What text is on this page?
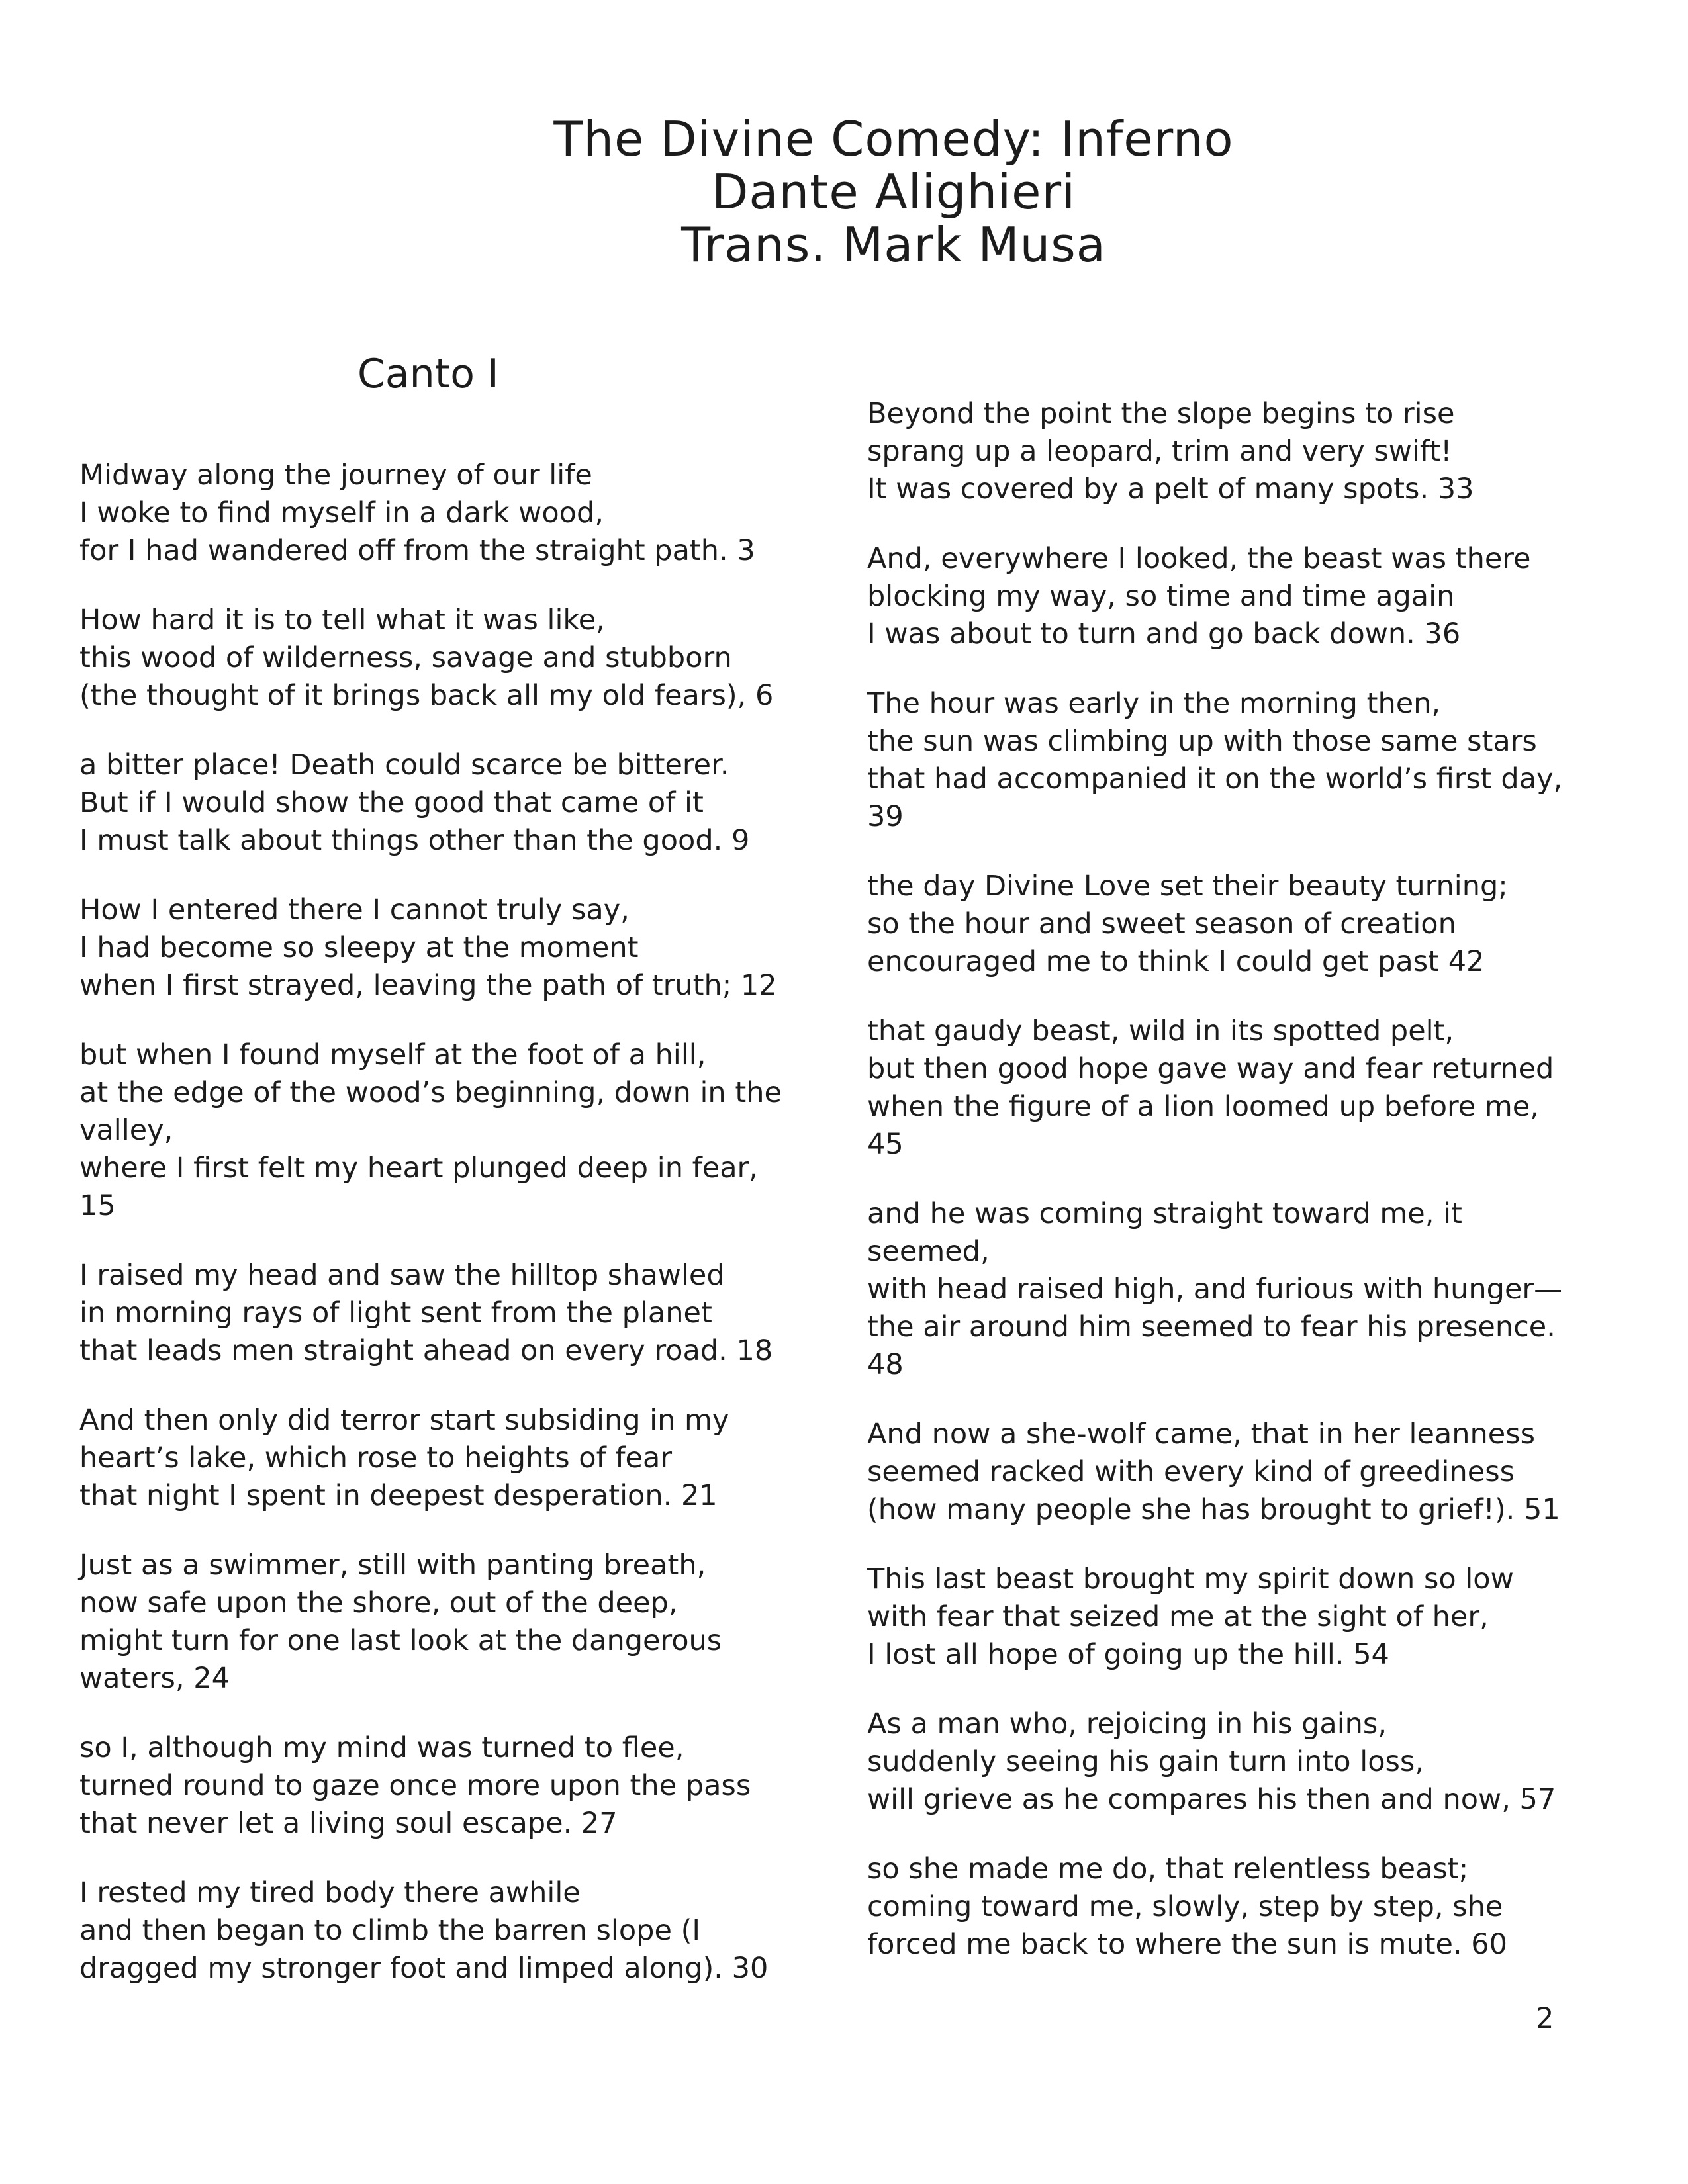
The Divine Comedy: Inferno
Dante Alighieri
Trans. Mark Musa
Canto I
Midway along the journey of our life
I woke to find myself in a dark wood,
for I had wandered off from the straight path. 3
How hard it is to tell what it was like,
this wood of wilderness, savage and stubborn
(the thought of it brings back all my old fears), 6
a bitter place! Death could scarce be bitterer.
But if I would show the good that came of it
I must talk about things other than the good. 9
How I entered there I cannot truly say,
I had become so sleepy at the moment
when I first strayed, leaving the path of truth; 12
but when I found myself at the foot of a hill,
at the edge of the wood’s beginning, down in the
valley,
where I first felt my heart plunged deep in fear,
15
I raised my head and saw the hilltop shawled
in morning rays of light sent from the planet
that leads men straight ahead on every road. 18
And then only did terror start subsiding in my
heart’s lake, which rose to heights of fear
that night I spent in deepest desperation. 21
Just as a swimmer, still with panting breath,
now safe upon the shore, out of the deep,
might turn for one last look at the dangerous
waters, 24
so I, although my mind was turned to flee,
turned round to gaze once more upon the pass
that never let a living soul escape. 27
I rested my tired body there awhile
and then began to climb the barren slope (I
dragged my stronger foot and limped along). 30
Beyond the point the slope begins to rise
sprang up a leopard, trim and very swift!
It was covered by a pelt of many spots. 33
And, everywhere I looked, the beast was there
blocking my way, so time and time again
I was about to turn and go back down. 36
The hour was early in the morning then,
the sun was climbing up with those same stars
that had accompanied it on the world’s first day,
39
the day Divine Love set their beauty turning;
so the hour and sweet season of creation
encouraged me to think I could get past 42
that gaudy beast, wild in its spotted pelt,
but then good hope gave way and fear returned
when the figure of a lion loomed up before me,
45
and he was coming straight toward me, it
seemed,
with head raised high, and furious with hunger—
the air around him seemed to fear his presence.
48
And now a she-wolf came, that in her leanness
seemed racked with every kind of greediness
(how many people she has brought to grief!). 51
This last beast brought my spirit down so low
with fear that seized me at the sight of her,
I lost all hope of going up the hill. 54
As a man who, rejoicing in his gains,
suddenly seeing his gain turn into loss,
will grieve as he compares his then and now, 57
so she made me do, that relentless beast;
coming toward me, slowly, step by step, she
forced me back to where the sun is mute. 60
2
